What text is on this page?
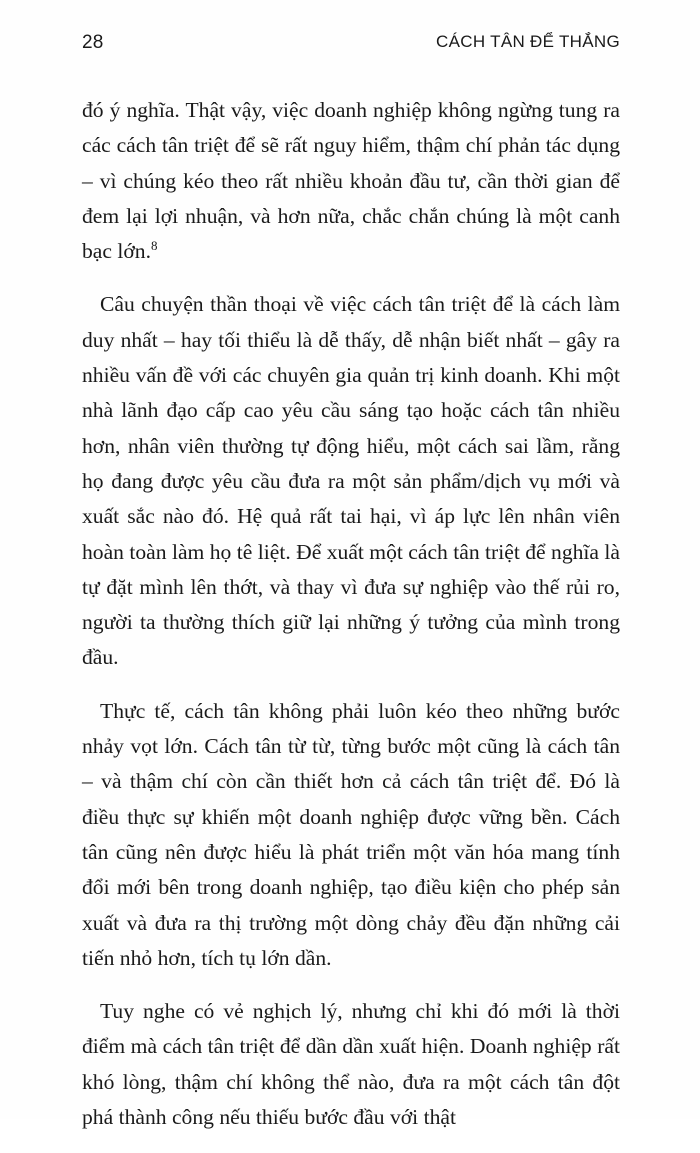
28	CÁCH TÂN ĐỂ THẮNG

đó ý nghĩa. Thật vậy, việc doanh nghiệp không ngừng tung ra các cách tân triệt để sẽ rất nguy hiểm, thậm chí phản tác dụng – vì chúng kéo theo rất nhiều khoản đầu tư, cần thời gian để đem lại lợi nhuận, và hơn nữa, chắc chắn chúng là một canh bạc lớn.$^8$

Câu chuyện thần thoại về việc cách tân triệt để là cách làm duy nhất – hay tối thiểu là dễ thấy, dễ nhận biết nhất – gây ra nhiều vấn đề với các chuyên gia quản trị kinh doanh. Khi một nhà lãnh đạo cấp cao yêu cầu sáng tạo hoặc cách tân nhiều hơn, nhân viên thường tự động hiểu, một cách sai lầm, rằng họ đang được yêu cầu đưa ra một sản phẩm/dịch vụ mới và xuất sắc nào đó. Hệ quả rất tai hại, vì áp lực lên nhân viên hoàn toàn làm họ tê liệt. Để xuất một cách tân triệt để nghĩa là tự đặt mình lên thớt, và thay vì đưa sự nghiệp vào thế rủi ro, người ta thường thích giữ lại những ý tưởng của mình trong đầu.

Thực tế, cách tân không phải luôn kéo theo những bước nhảy vọt lớn. Cách tân từ từ, từng bước một cũng là cách tân – và thậm chí còn cần thiết hơn cả cách tân triệt để. Đó là điều thực sự khiến một doanh nghiệp được vững bền. Cách tân cũng nên được hiểu là phát triển một văn hóa mang tính đổi mới bên trong doanh nghiệp, tạo điều kiện cho phép sản xuất và đưa ra thị trường một dòng chảy đều đặn những cải tiến nhỏ hơn, tích tụ lớn dần.

Tuy nghe có vẻ nghịch lý, nhưng chỉ khi đó mới là thời điểm mà cách tân triệt để dần dần xuất hiện. Doanh nghiệp rất khó lòng, thậm chí không thể nào, đưa ra một cách tân đột phá thành công nếu thiếu bước đầu với thật
